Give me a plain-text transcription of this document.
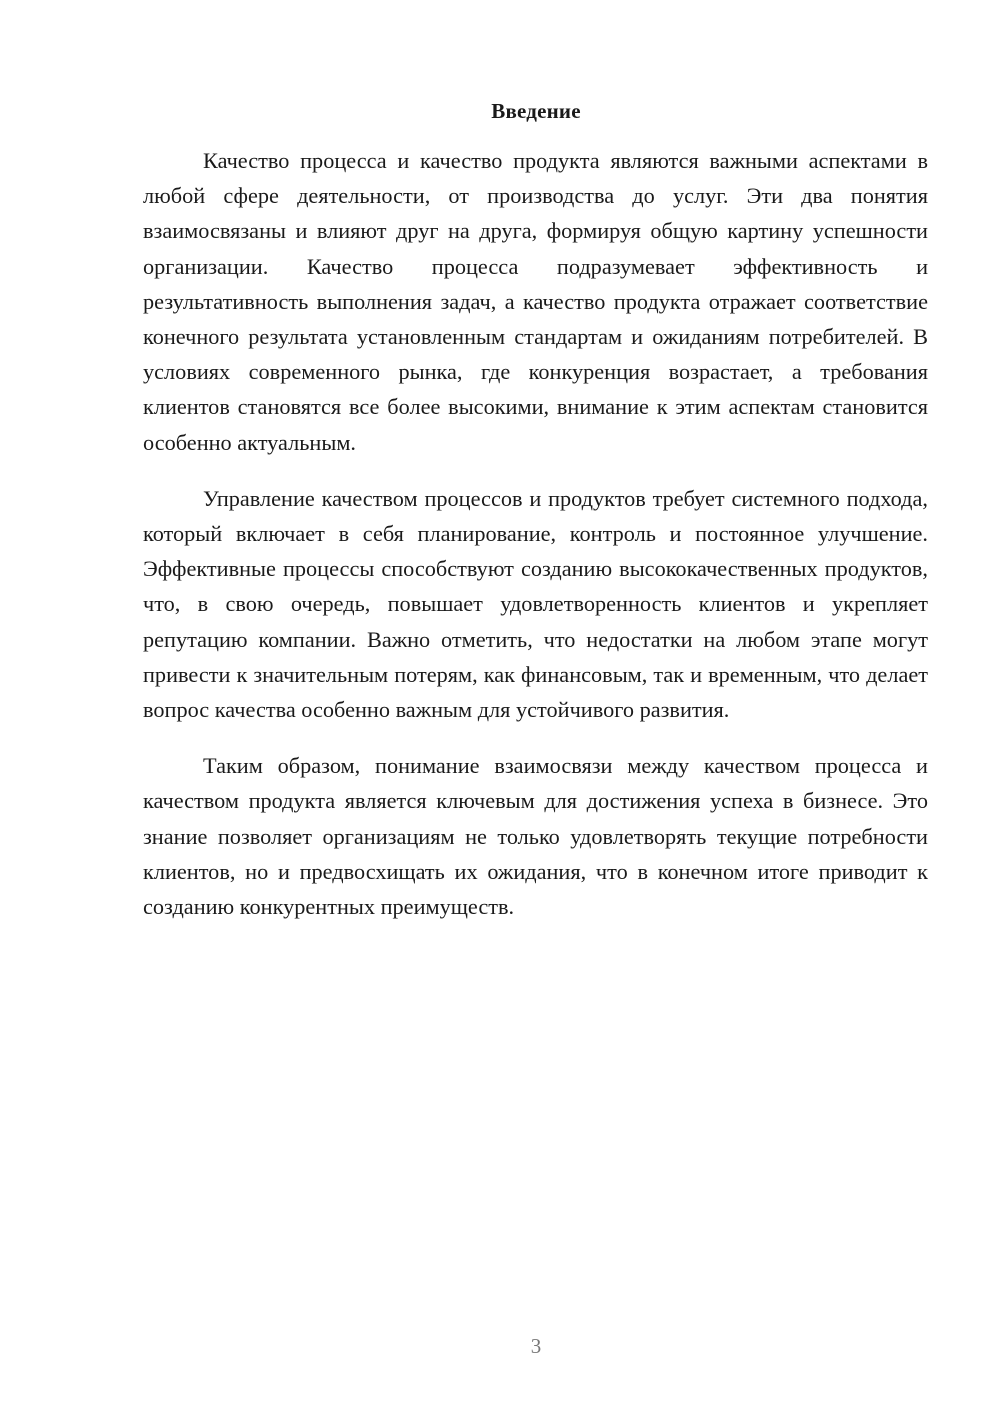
Введение

Качество процесса и качество продукта являются важными аспектами в любой сфере деятельности, от производства до услуг. Эти два понятия взаимосвязаны и влияют друг на друга, формируя общую картину успешности организации. Качество процесса подразумевает эффективность и результативность выполнения задач, а качество продукта отражает соответствие конечного результата установленным стандартам и ожиданиям потребителей. В условиях современного рынка, где конкуренция возрастает, а требования клиентов становятся все более высокими, внимание к этим аспектам становится особенно актуальным.

Управление качеством процессов и продуктов требует системного подхода, который включает в себя планирование, контроль и постоянное улучшение. Эффективные процессы способствуют созданию высококачественных продуктов, что, в свою очередь, повышает удовлетворенность клиентов и укрепляет репутацию компании. Важно отметить, что недостатки на любом этапе могут привести к значительным потерям, как финансовым, так и временным, что делает вопрос качества особенно важным для устойчивого развития.

Таким образом, понимание взаимосвязи между качеством процесса и качеством продукта является ключевым для достижения успеха в бизнесе. Это знание позволяет организациям не только удовлетворять текущие потребности клиентов, но и предвосхищать их ожидания, что в конечном итоге приводит к созданию конкурентных преимуществ.

3
